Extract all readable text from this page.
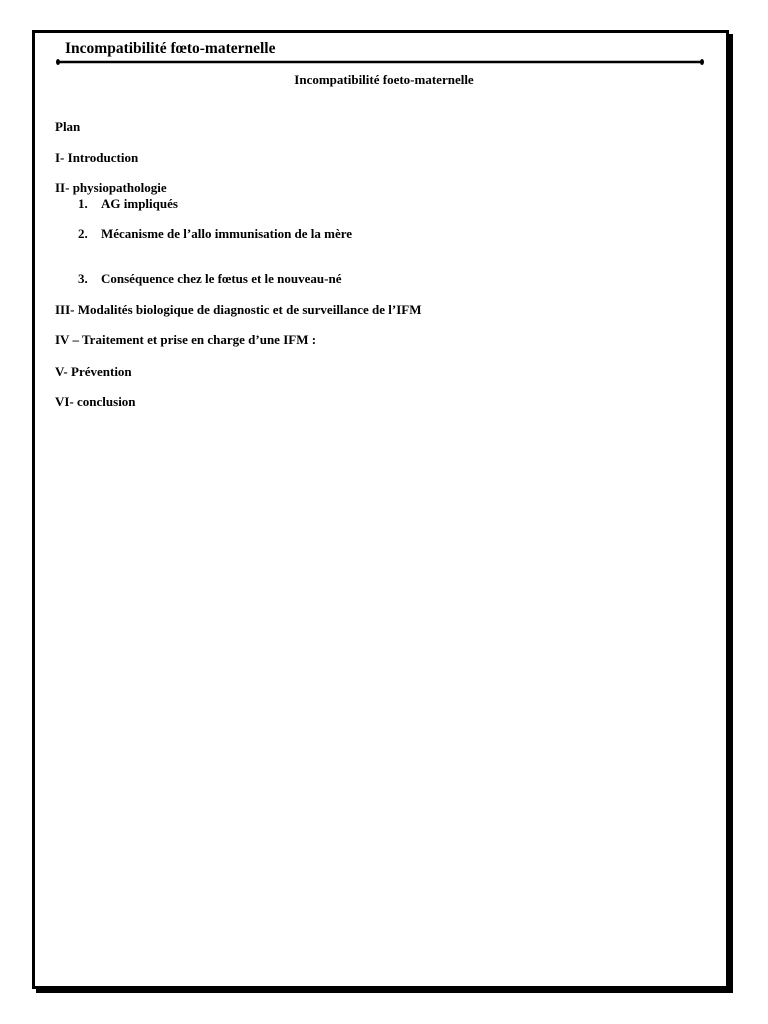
Incompatibilité fœto-maternelle
Incompatibilité foeto-maternelle
Plan
I- Introduction
II- physiopathologie
1. AG impliqués
2. Mécanisme de l’allo immunisation de la mère
3. Conséquence chez le fœtus et le nouveau-né
III- Modalités biologique de diagnostic et de surveillance de l’IFM
IV – Traitement et prise en charge d’une IFM :
V- Prévention
VI- conclusion
